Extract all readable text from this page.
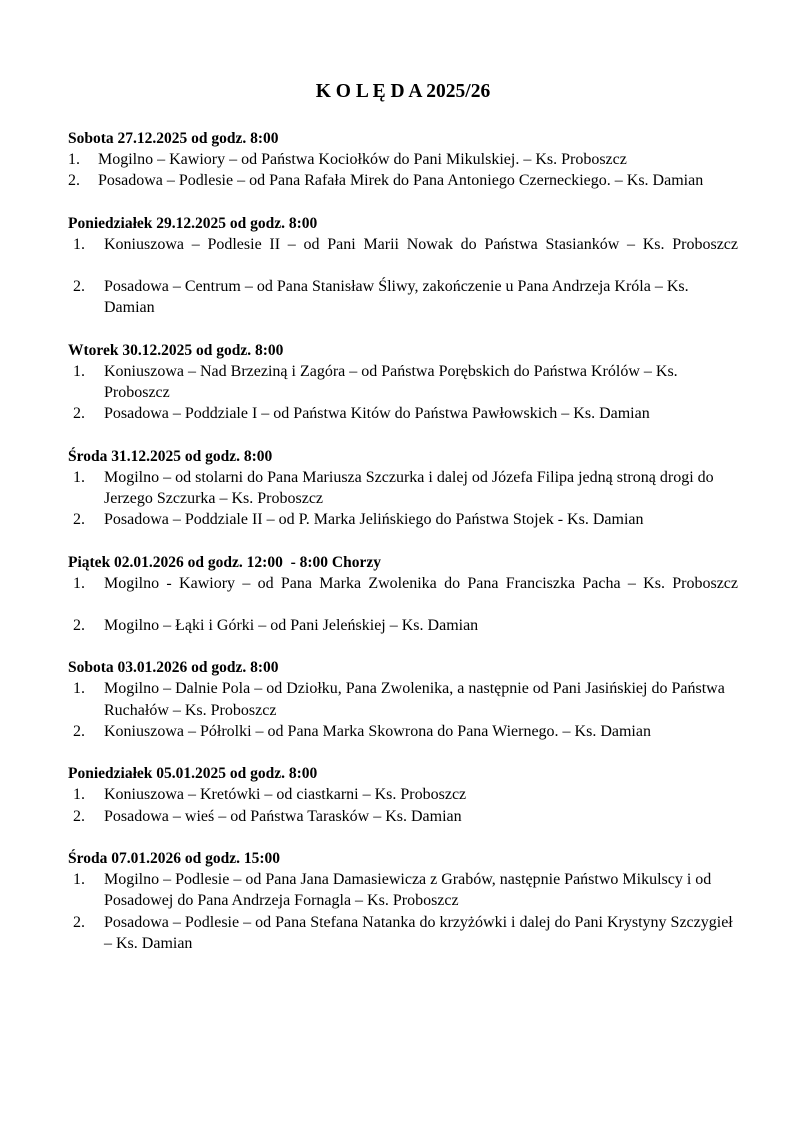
K O L Ę D A 2025/26
Sobota 27.12.2025 od godz. 8:00
1.	Mogilno – Kawiory – od Państwa Kociołków do Pani Mikulskiej. – Ks. Proboszcz
2.	Posadowa – Podlesie – od Pana Rafała Mirek do Pana Antoniego Czerneckiego. – Ks. Damian
Poniedziałek 29.12.2025 od godz. 8:00
1.	Koniuszowa – Podlesie II – od Pani Marii Nowak do Państwa Stasianków – Ks. Proboszcz
2.	Posadowa – Centrum – od Pana Stanisław Śliwy, zakończenie u Pana Andrzeja Króla – Ks. Damian
Wtorek 30.12.2025 od godz. 8:00
1.	Koniuszowa – Nad Brzeziną i Zagóra – od Państwa Porębskich do Państwa Królów – Ks. Proboszcz
2.	Posadowa – Poddziale I – od Państwa Kitów do Państwa Pawłowskich – Ks. Damian
Środa 31.12.2025 od godz. 8:00
1.	Mogilno – od stolarni do Pana Mariusza Szczurka i dalej od Józefa Filipa jedną stroną drogi do Jerzego Szczurka – Ks. Proboszcz
2.	Posadowa – Poddziale II – od P. Marka Jelińskiego do Państwa Stojek - Ks. Damian
Piątek 02.01.2026 od godz. 12:00  - 8:00 Chorzy
1.	Mogilno - Kawiory – od Pana Marka Zwolenika do Pana Franciszka Pacha – Ks. Proboszcz
2.	Mogilno – Łąki i Górki – od Pani Jeleńskiej – Ks. Damian
Sobota 03.01.2026 od godz. 8:00
1.	Mogilno – Dalnie Pola – od Dziołku, Pana Zwolenika, a następnie od Pani Jasińskiej do Państwa Ruchałów – Ks. Proboszcz
2.	Koniuszowa – Półrolki – od Pana Marka Skowrona do Pana Wiernego. – Ks. Damian
Poniedziałek 05.01.2025 od godz. 8:00
1.	Koniuszowa – Kretówki – od ciastkarni – Ks. Proboszcz
2.	Posadowa – wieś – od Państwa Tarasków – Ks. Damian
Środa 07.01.2026 od godz. 15:00
1.	Mogilno – Podlesie – od Pana Jana Damasiewicza z Grabów, następnie Państwo Mikulscy i od Posadowej do Pana Andrzeja Fornagla – Ks. Proboszcz
2.	Posadowa – Podlesie – od Pana Stefana Natanka do krzyżówki i dalej do Pani Krystyny Szczygieł – Ks. Damian
